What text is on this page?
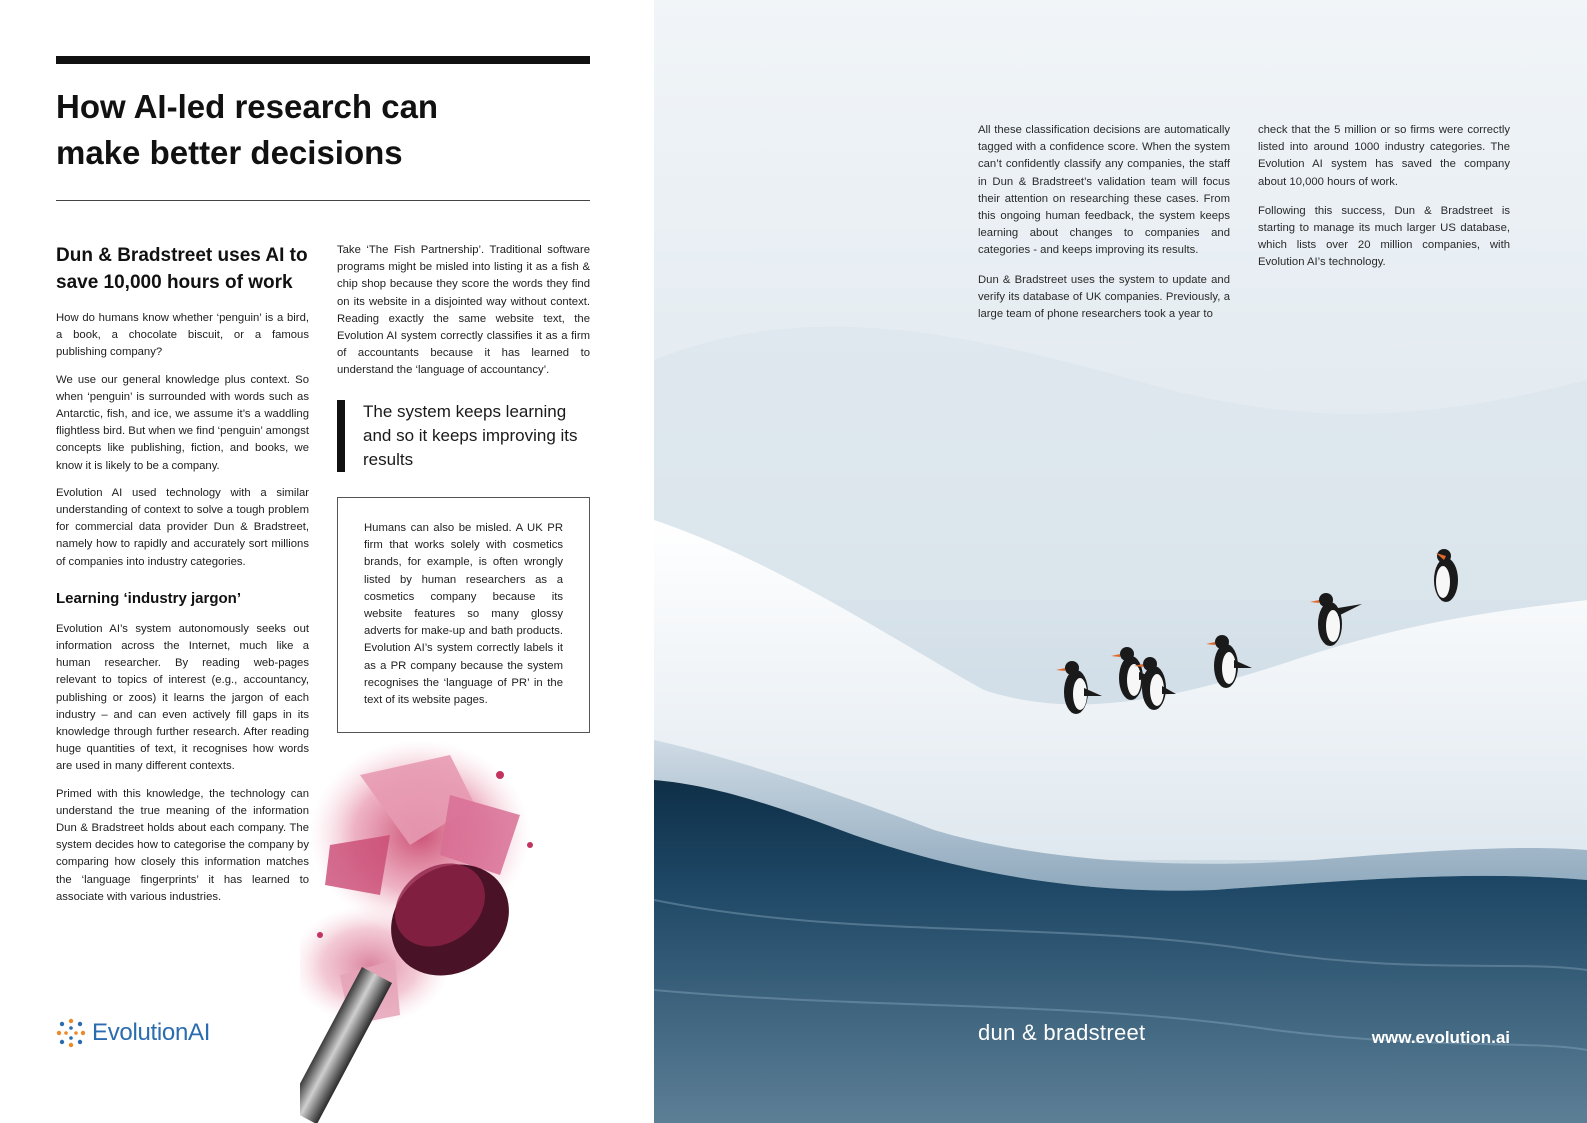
How AI-led research can
make better decisions
Dun & Bradstreet uses AI to save 10,000 hours of work

How do humans know whether ‘penguin’ is a bird, a book, a chocolate biscuit, or a famous publishing company?

We use our general knowledge plus context. So when ‘penguin’ is surrounded with words such as Antarctic, fish, and ice, we assume it’s a waddling flightless bird. But when we find ‘penguin’ amongst concepts like publishing, fiction, and books, we know it is likely to be a company.

Evolution AI used technology with a similar understanding of context to solve a tough problem for commercial data provider Dun & Bradstreet, namely how to rapidly and accurately sort millions of companies into industry categories.

Learning ‘industry jargon’

Evolution AI’s system autonomously seeks out information across the Internet, much like a human researcher. By reading web-pages relevant to topics of interest (e.g., accountancy, publishing or zoos) it learns the jargon of each industry – and can even actively fill gaps in its knowledge through further research. After reading huge quantities of text, it recognises how words are used in many different contexts.

Primed with this knowledge, the technology can understand the true meaning of the information Dun & Bradstreet holds about each company. The system decides how to categorise the company by comparing how closely this information matches the ‘language fingerprints’ it has learned to associate with various industries.

Take ‘The Fish Partnership’. Traditional software programs might be misled into listing it as a fish & chip shop because they score the words they find on its website in a disjointed way without context. Reading exactly the same website text, the Evolution AI system correctly classifies it as a firm of accountants because it has learned to understand the ‘language of accountancy’.

The system keeps learning and so it keeps improving its results

Humans can also be misled. A UK PR firm that works solely with cosmetics brands, for example, is often wrongly listed by human researchers as a cosmetics company because its website features so many glossy adverts for make-up and bath products. Evolution AI’s system correctly labels it as a PR company because the system recognises the ‘language of PR’ in the text of its website pages.

EvolutionAI

All these classification decisions are automatically tagged with a confidence score. When the system can’t confidently classify any companies, the staff in Dun & Bradstreet’s validation team will focus their attention on researching these cases. From this ongoing human feedback, the system keeps learning about changes to companies and categories - and keeps improving its results.

Dun & Bradstreet uses the system to update and verify its database of UK companies. Previously, a large team of phone researchers took a year to

check that the 5 million or so firms were correctly listed into around 1000 industry categories. The Evolution AI system has saved the company about 10,000 hours of work.

Following this success, Dun & Bradstreet is starting to manage its much larger US database, which lists over 20 million companies, with Evolution AI’s technology.

dun & bradstreet	www.evolution.ai
